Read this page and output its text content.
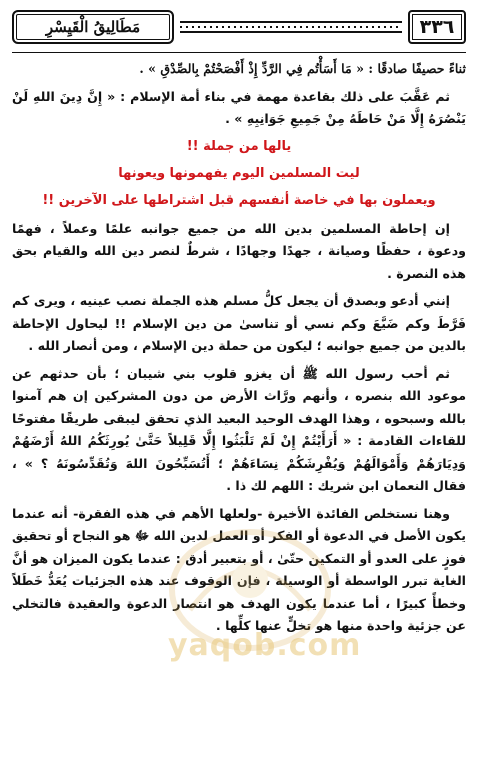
٣٣٦
مَطَالِيقُ الْقَيِسْرِ

ثناءً حصيفًا صادقًا : « مَا أَسَأْتُم فِي الرَّدِّ إِذْ أَفْصَحْتُمْ بِالصِّدْقِ » .

ثم عَقَّبَ على ذلك بقاعدة مهمة في بناء أمة الإسلام : « إِنَّ دِينَ اللهِ لَنْ يَنْصُرَهُ إِلَّا مَنْ حَاطَهُ مِنْ جَمِيعِ جَوَانِبِهِ » .

يالها من جملة !!

ليت المسلمين اليوم يفهمونها ويعونها

ويعملون بها في خاصة أنفسهم قبل اشتراطها على الآخرين !!

إن إحاطة المسلمين بدين الله من جميع جوانبه علمًا وعملاً ، فهمًا ودعوة ، حفظًا وصيانة ، جهدًا وجهادًا ، شرطٌ لنصر دين الله والقيام بحق هذه النصرة .

إنني أدعو وبصدق أن يجعل كلُّ مسلم هذه الجملة نصب عينيه ، ويرى كم فَرَّطَ وكم ضَيَّعَ وكم نسي أو تناسىٰ من دين الإسلام !! ليحاول الإحاطة بالدين من جميع جوانبه ؛ ليكون من حملة دين الإسلام ، ومن أنصار الله .

ثم أحب رسول الله ﷺ أن يغزو قلوب بني شيبان ؛ بأن حدثهم عن موعود الله بنصره ، وأنهم ورَّاث الأرض من دون المشركين إن هم آمنوا بالله وسبحوه ، وهذا الهدف الوحيد البعيد الذي تحقق ليبقى طريقًا مفتوحًا للقاءات القادمة : « أَرَأَيْتُمْ إِنْ لَمْ تَلْبَثُوا إِلَّا قَلِيلاً حَتَّىٰ يُورِثَكُمُ اللهُ أَرْضَهُمْ وَدِيَارَهُمْ وَأَمْوَالَهُمْ وَيُفْرِشَكُمْ نِسَاءَهُمْ ؛ أَتُسَبِّحُونَ اللهَ وَتُقَدِّسُونَهُ ؟ » ، فقال النعمان ابن شريك : اللهم لك ذا .

وهنا نستخلص الفائدة الأخيرة -ولعلها الأهم في هذه الفقرة- أنه عندما يكون الأصل في الدعوة أو الفكر أو العمل لدين الله ﷻ هو النجاح أو تحقيق فوزٍ على العدو أو التمكين حتّىٰ ، أو بتعبير أدق : عندما يكون الميزان هو أنَّ الغاية تبرر الواسطة أو الوسيلة ، فإن الوقوف عند هذه الجزئيات يُعَدُّ خَطَلاً وخطأً كبيرًا ، أما عندما يكون الهدف هو انتصار الدعوة والعقيدة فالتخلي عن جزئية واحدة منها هو تخلٍّ عنها كلِّها .

yaqob.com
